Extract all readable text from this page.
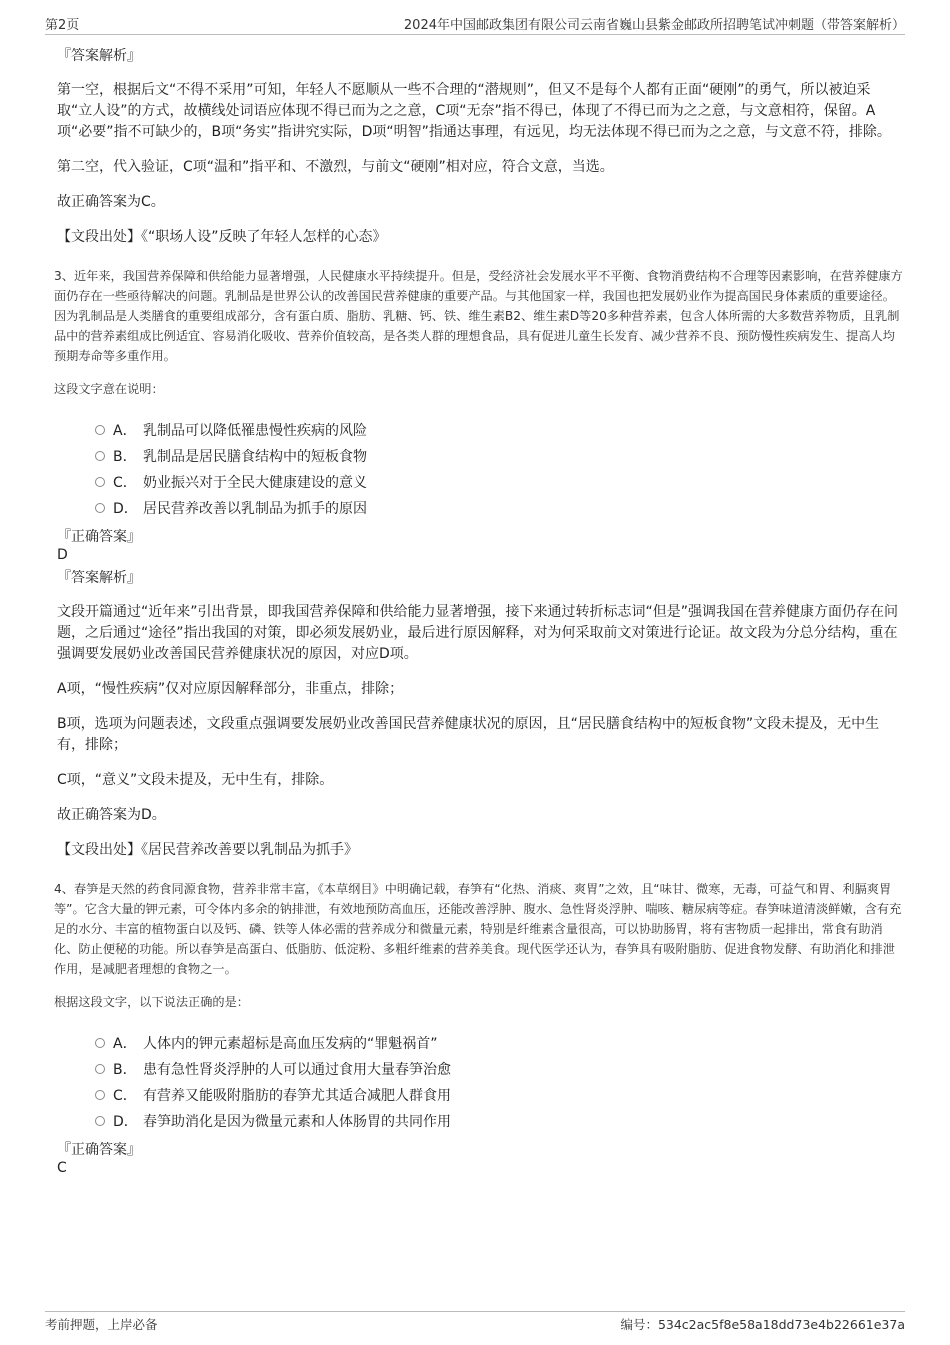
第2页	2024年中国邮政集团有限公司云南省巍山县紫金邮政所招聘笔试冲刺题（带答案解析）
『答案解析』
第一空，根据后文“不得不采用”可知，年轻人不愿顺从一些不合理的“潜规则”，但又不是每个人都有正面“硬刚”的勇气，所以被迫采取“立人设”的方式，故横线处词语应体现不得已而为之之意，C项“无奈”指不得已，体现了不得已而为之之意，与文意相符，保留。A项“必要”指不可缺少的，B项“务实”指讲究实际，D项“明智”指通达事理，有远见，均无法体现不得已而为之之意，与文意不符，排除。
第二空，代入验证，C项“温和”指平和、不激烈，与前文“硬刚”相对应，符合文意，当选。
故正确答案为C。
【文段出处】《“职场人设”反映了年轻人怎样的心态》
3、近年来，我国营养保障和供给能力显著增强，人民健康水平持续提升。但是，受经济社会发展水平不平衡、食物消费结构不合理等因素影响，在营养健康方面仍存在一些亟待解决的问题。乳制品是世界公认的改善国民营养健康的重要产品。与其他国家一样，我国也把发展奶业作为提高国民身体素质的重要途径。因为乳制品是人类膳食的重要组成部分，含有蛋白质、脂肪、乳糖、钙、铁、维生素B2、维生素D等20多种营养素，包含人体所需的大多数营养物质，且乳制品中的营养素组成比例适宜、容易消化吸收、营养价值较高，是各类人群的理想食品，具有促进儿童生长发育、减少营养不良、预防慢性疾病发生、提高人均预期寿命等多重作用。
这段文字意在说明：
A． 乳制品可以降低罹患慢性疾病的风险
B． 乳制品是居民膳食结构中的短板食物
C． 奶业振兴对于全民大健康建设的意义
D． 居民营养改善以乳制品为抓手的原因
『正确答案』
D
『答案解析』
文段开篇通过“近年来”引出背景，即我国营养保障和供给能力显著增强，接下来通过转折标志词“但是”强调我国在营养健康方面仍存在问题，之后通过“途径”指出我国的对策，即必须发展奶业，最后进行原因解释，对为何采取前文对策进行论证。故文段为分总分结构，重在强调要发展奶业改善国民营养健康状况的原因，对应D项。
A项，“慢性疾病”仅对应原因解释部分，非重点，排除；
B项，选项为问题表述，文段重点强调要发展奶业改善国民营养健康状况的原因，且“居民膳食结构中的短板食物”文段未提及，无中生有，排除；
C项，“意义”文段未提及，无中生有，排除。
故正确答案为D。
【文段出处】《居民营养改善要以乳制品为抓手》
4、春笋是天然的药食同源食物，营养非常丰富，《本草纲目》中明确记载，春笋有“化热、消痰、爽胃”之效，且“味甘、微寒，无毒，可益气和胃、利膈爽胃等”。它含大量的钾元素，可令体内多余的钠排泄，有效地预防高血压，还能改善浮肿、腹水、急性肾炎浮肿、喘咳、糖尿病等症。春笋味道清淡鲜嫩，含有充足的水分、丰富的植物蛋白以及钙、磷、铁等人体必需的营养成分和微量元素，特别是纤维素含量很高，可以协助肠胃，将有害物质一起排出，常食有助消化、防止便秘的功能。所以春笋是高蛋白、低脂肪、低淀粉、多粗纤维素的营养美食。现代医学还认为，春笋具有吸附脂肪、促进食物发酵、有助消化和排泄作用，是减肥者理想的食物之一。
根据这段文字，以下说法正确的是：
A． 人体内的钾元素超标是高血压发病的“罪魁祸首”
B． 患有急性肾炎浮肿的人可以通过食用大量春笋治愈
C． 有营养又能吸附脂肪的春笋尤其适合减肥人群食用
D． 春笋助消化是因为微量元素和人体肠胃的共同作用
『正确答案』
C
考前押题，上岸必备	编号：534c2ac5f8e58a18dd73e4b22661e37a
